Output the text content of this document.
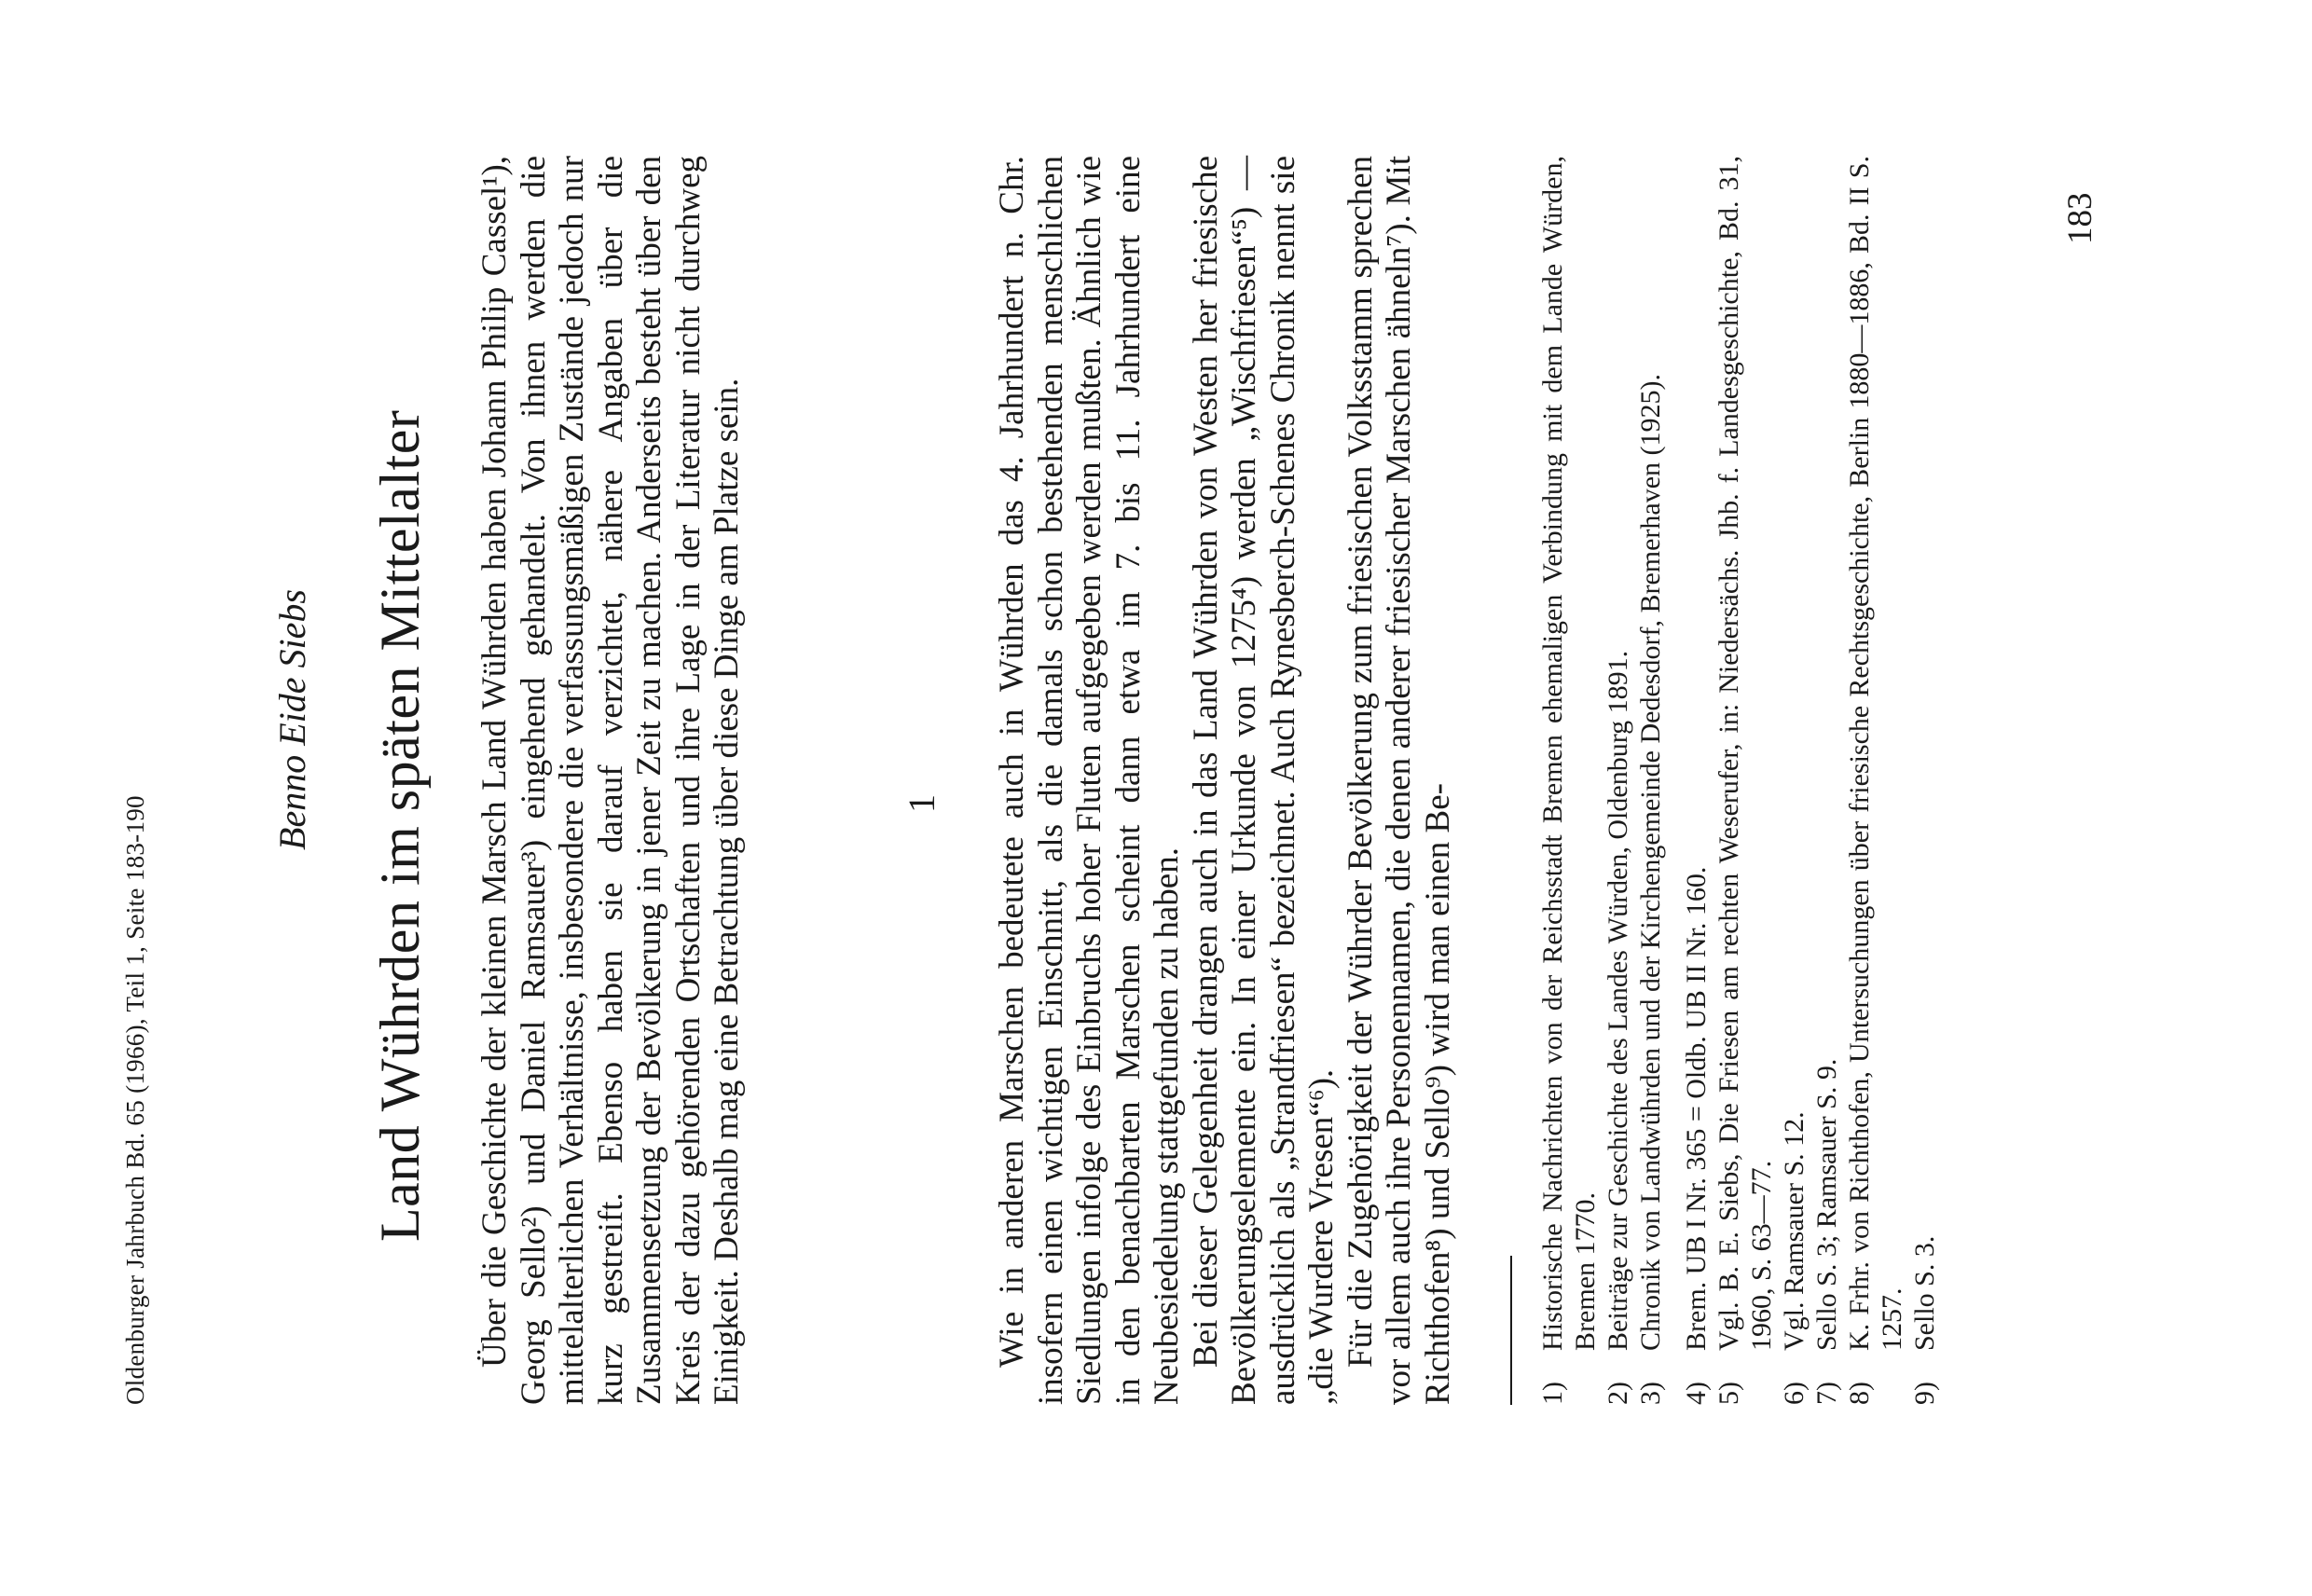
Oldenburger Jahrbuch Bd. 65 (1966), Teil 1, Seite 183-190
Benno Eide Siebs Land Wührden im späten Mittelalter Über die Geschichte der kleinen Marsch Land Wührden haben Johann Philip Cassel¹), Georg Sello²) und Daniel Ramsauer³) eingehend gehandelt. Von ihnen werden die mittelalterlichen Verhältnisse, insbesondere die verfassungsmäßigen Zustände jedoch nur kurz gestreift. Ebenso haben sie darauf verzichtet, nähere Angaben über die Zusammensetzung der Bevölkerung in jener Zeit zu machen. Anderseits besteht über den Kreis der dazu gehörenden Ortschaften und ihre Lage in der Literatur nicht durchweg Einigkeit. Deshalb mag eine Betrachtung über diese Dinge am Platze sein.	1 Wie in anderen Marschen bedeutete auch in Wührden das 4. Jahrhundert n. Chr. insofern einen wichtigen Einschnitt, als die damals schon bestehenden menschlichen Siedlungen infolge des Einbruchs hoher Fluten aufgegeben werden mußten. Ähnlich wie in den benachbarten Marschen scheint dann etwa im 7. bis 11. Jahrhundert eine Neubesiedelung stattgefunden zu haben. Bei dieser Gelegenheit drangen auch in das Land Wührden von Westen her friesische Bevölkerungselemente ein. In einer Urkunde von 1275⁴) werden „Wischfriesen“⁵) — ausdrücklich als „Strandfriesen“ bezeichnet. Auch Rynesberch-Schenes Chronik nennt sie „die Wurdere Vresen“⁶). Für die Zugehörigkeit der Wührder Bevölkerung zum friesischen Volksstamm sprechen vor allem auch ihre Personennamen, die denen anderer friesischer Marschen ähneln⁷). Mit Richthofen⁸) und Sello⁹) wird man einen Be-	1)
Historische Nachrichten von der Reichsstadt Bremen ehemaligen Verbindung mit dem Lande Würden, Bremen 1770.
2)
Beiträge zur Geschichte des Landes Würden, Oldenburg 1891.
3)
Chronik von Landwührden und der Kirchengemeinde Dedesdorf, Bremerhaven (1925).
4)
Brem. UB I Nr. 365 = Oldb. UB II Nr. 160.
5)
Vgl. B. E. Siebs, Die Friesen am rechten Weserufer, in: Niedersächs. Jhb. f. Landesgeschichte, Bd. 31, 1960, S. 63—77.
6)
Vgl. Ramsauer S. 12.
7)
Sello S. 3; Ramsauer S. 9.
8)
K. Frhr. von Richthofen, Untersuchungen über friesische Rechtsgeschichte, Berlin 1880—1886, Bd. II S. 1257.
9)
Sello S. 3.
183
